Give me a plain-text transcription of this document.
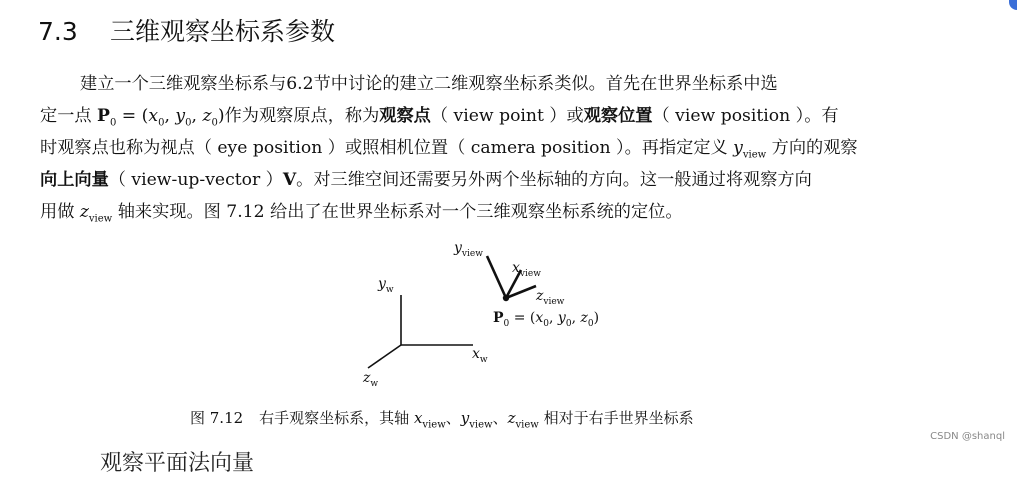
7.3 三维观察坐标系参数
建立一个三维观察坐标系与6.2节中讨论的建立二维观察坐标系类似。首先在世界坐标系中选
定一点 $P_0 = (x_0$, $y_0$, $z_0$)作为观察原点，称为观察点（ view point ）或观察位置（ view position ）。有
时观察点也称为视点（ eye position ）或照相机位置（ camera position ）。再指定定义 $y_{view}$ 方向的观察
向上向量（ view-up-vector ）V。对三维空间还需要另外两个坐标轴的方向。这一般通过将观察方向
用做 $z_{view}$ 轴来实现。图 7.12 给出了在世界坐标系对一个三维观察坐标系统的定位。
$y_w$
$x_w$
$z_w$
$y_{view}$
$x_{view}$
$z_{view}$
$P_0 = (x_0$, $y_0$, $z_0$)
图 7.12 右手观察坐标系，其轴 $x_{view}$、$y_{view}$、$z_{view}$ 相对于右手世界坐标系
观察平面法向量
CSDN @shanql
